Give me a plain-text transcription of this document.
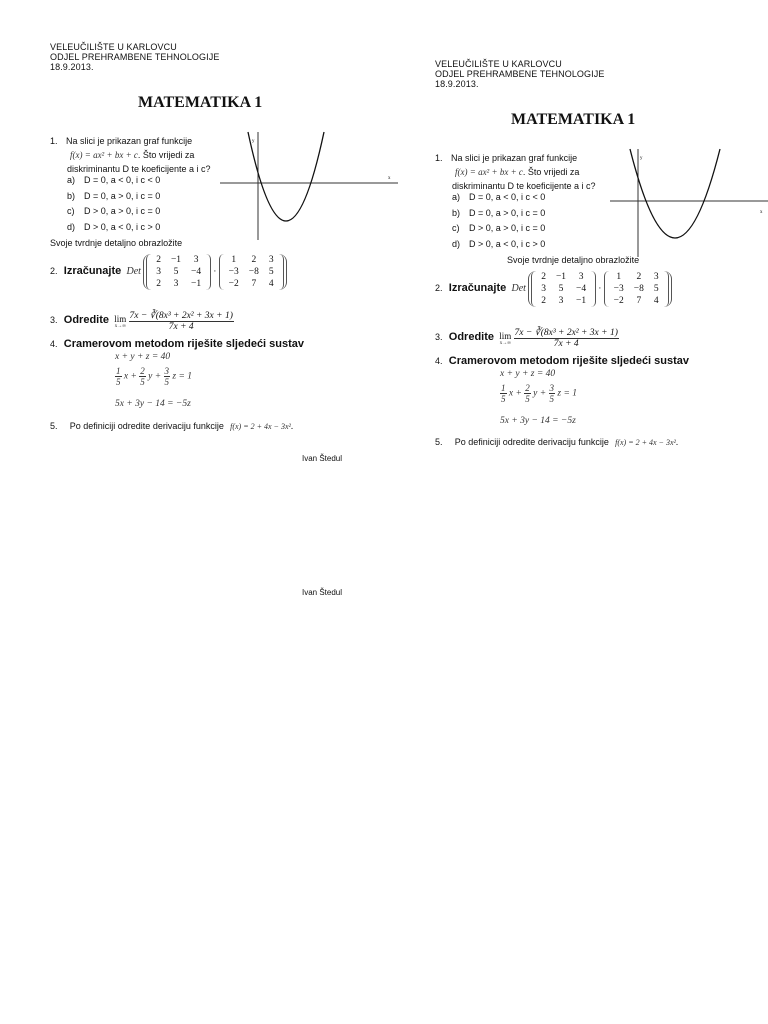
VELEUČILIŠTE U KARLOVCU
ODJEL PREHRAMBENE TEHNOLOGIJE
18.9.2013.
MATEMATIKA 1
1. Na slici je prikazan graf funkcije
f(x) = ax² + bx + c. Što vrijedi za
diskriminantu D te koeficijente a i c?
a) D = 0, a < 0, i c < 0
b) D = 0, a > 0, i c = 0
c) D > 0, a > 0, i c = 0
d) D > 0, a < 0, i c > 0
y
x
Svoje tvrdnje detaljno obrazložite
2. Izračunajte Det
2	−1	3
3	5	−4
2	3	−1
·
1	2	3
−3	−8	5
−2	7	4
3. Odredite lim
x→∞
$\frac{\text{7x − ∛(8x³ + 2x² + 3x + 1)}}{7x + 4}$
4. Cramerovom metodom riješite sljedeći sustav
x + y + z = 40
$\frac{1}{5}$ $x + \frac{2}{5}$ $y + \frac{3}{5}$ z = 1
5x + 3y − 14 = −5z
5. Po definiciji odredite derivaciju funkcije f(x) = 2 + 4x − 3x².
Ivan Štedul
Ivan Štedul
VELEUČILIŠTE U KARLOVCU
ODJEL PREHRAMBENE TEHNOLOGIJE
18.9.2013.
MATEMATIKA 1
1. Na slici je prikazan graf funkcije
f(x) = ax² + bx + c. Što vrijedi za
diskriminantu D te koeficijente a i c?
a) D = 0, a < 0, i c < 0
b) D = 0, a > 0, i c = 0
c) D > 0, a > 0, i c = 0
d) D > 0, a < 0, i c > 0
y
x
Svoje tvrdnje detaljno obrazložite
2. Izračunajte Det
2	−1	3
3	5	−4
2	3	−1
·
1	2	3
−3	−8	5
−2	7	4
3. Odredite lim
x→∞
$\frac{\text{7x − ∛(8x³ + 2x² + 3x + 1)}}{7x + 4}$
4. Cramerovom metodom riješite sljedeći sustav
x + y + z = 40
$\frac{1}{5}$ $x + \frac{2}{5}$ $y + \frac{3}{5}$ z = 1
5x + 3y − 14 = −5z
5. Po definiciji odredite derivaciju funkcije f(x) = 2 + 4x − 3x².
